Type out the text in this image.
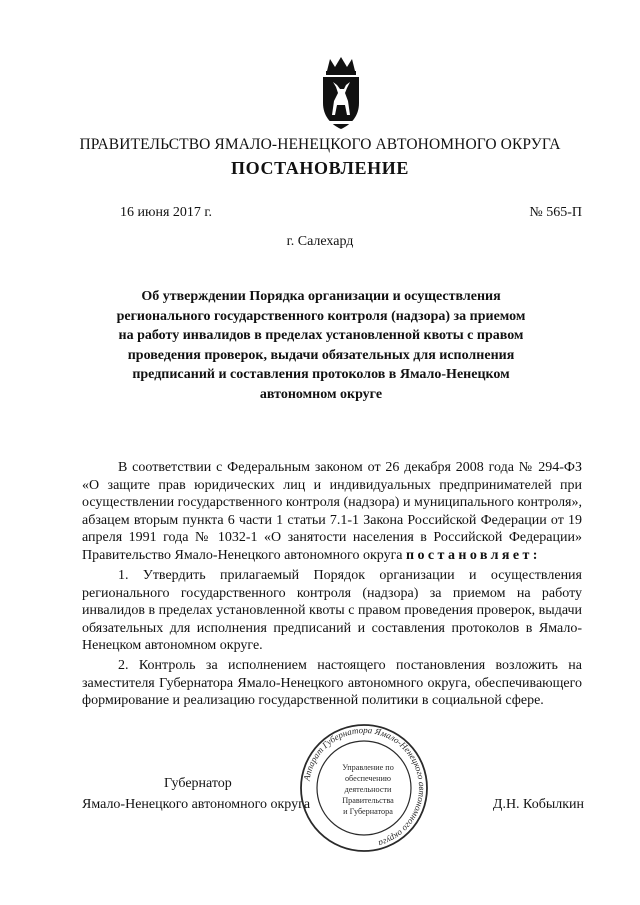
ПРАВИТЕЛЬСТВО ЯМАЛО-НЕНЕЦКОГО АВТОНОМНОГО ОКРУГА
ПОСТАНОВЛЕНИЕ
16 июня 2017 г.	№ 565-П
г. Салехард
Об утверждении Порядка организации и осуществления регионального государственного контроля (надзора) за приемом на работу инвалидов в пределах установленной квоты с правом проведения проверок, выдачи обязательных для исполнения предписаний и составления протоколов в Ямало-Ненецком автономном округе
В соответствии с Федеральным законом от 26 декабря 2008 года № 294-ФЗ «О защите прав юридических лиц и индивидуальных предпринимателей при осуществлении государственного контроля (надзора) и муниципального контроля», абзацем вторым пункта 6 части 1 статьи 7.1-1 Закона Российской Федерации от 19 апреля 1991 года № 1032-1 «О занятости населения в Российской Федерации» Правительство Ямало-Ненецкого автономного округа постановляет:
1. Утвердить прилагаемый Порядок организации и осуществления регионального государственного контроля (надзора) за приемом на работу инвалидов в пределах установленной квоты с правом проведения проверок, выдачи обязательных для исполнения предписаний и составления протоколов в Ямало-Ненецком автономном округе.
2. Контроль за исполнением настоящего постановления возложить на заместителя Губернатора Ямало-Ненецкого автономного округа, обеспечивающего формирование и реализацию государственной политики в социальной сфере.
Губернатор
Ямало-Ненецкого автономного округа	Д.Н. Кобылкин
Аппарат Губернатора Ямало-Ненецкого автономного округа
Управление по
обеспечению
деятельности
Правительства
и Губернатора
